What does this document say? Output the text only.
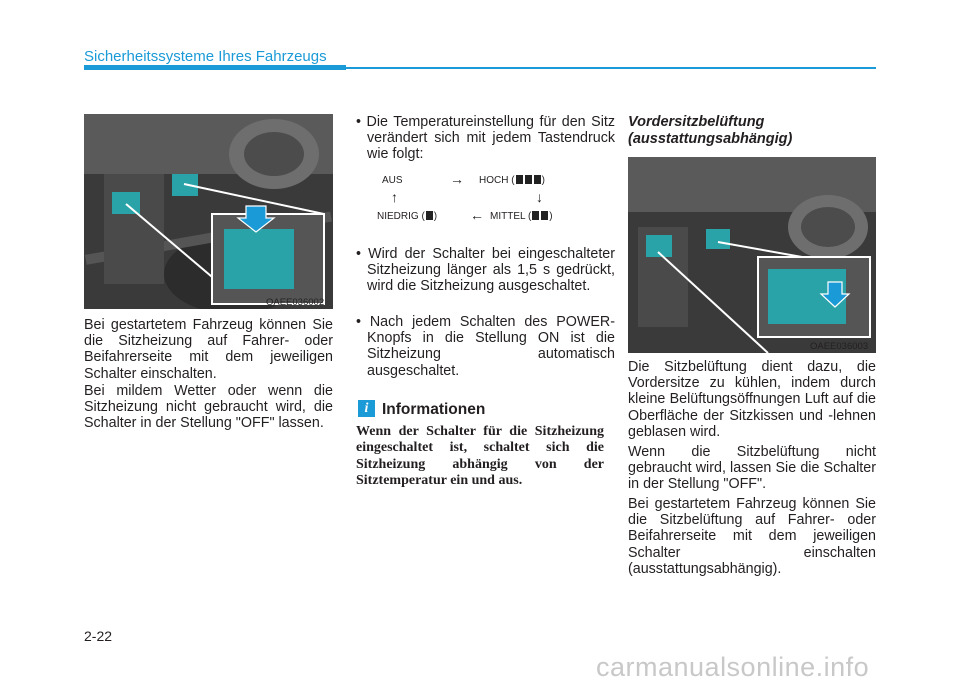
Sicherheitssysteme Ihres Fahrzeugs
OAEE036002
Bei gestartetem Fahrzeug können Sie die Sitzheizung auf Fahrer- oder Beifahrerseite mit dem jeweiligen Schalter einschalten.
Bei mildem Wetter oder wenn die Sitzheizung nicht gebraucht wird, die Schalter in der Stellung "OFF" lassen.
• Die Temperatureinstellung für den Sitz verändert sich mit jedem Tastendruck wie folgt:
AUS	→ HOCH (	)
↑	↓
NIEDRIG ( ) ← MITTEL ( )
• Wird der Schalter bei eingeschalteter Sitzheizung länger als 1,5 s gedrückt, wird die Sitzheizung ausgeschaltet.
• Nach jedem Schalten des POWER-Knopfs in die Stellung ON ist die Sitzheizung automatisch ausgeschaltet.
i Informationen
Wenn der Schalter für die Sitzheizung eingeschaltet ist, schaltet sich die Sitzheizung abhängig von der Sitztemperatur ein und aus.
Vordersitzbelüftung
(ausstattungsabhängig)
OAEE036003
Die Sitzbelüftung dient dazu, die Vordersitze zu kühlen, indem durch kleine Belüftungsöffnungen Luft auf die Oberfläche der Sitzkissen und -lehnen geblasen wird.
Wenn die Sitzbelüftung nicht gebraucht wird, lassen Sie die Schalter in der Stellung "OFF".
Bei gestartetem Fahrzeug können Sie die Sitzbelüftung auf Fahrer- oder Beifahrerseite mit dem jeweiligen Schalter einschalten (ausstattungsabhängig).
2-22
carmanualsonline.info
